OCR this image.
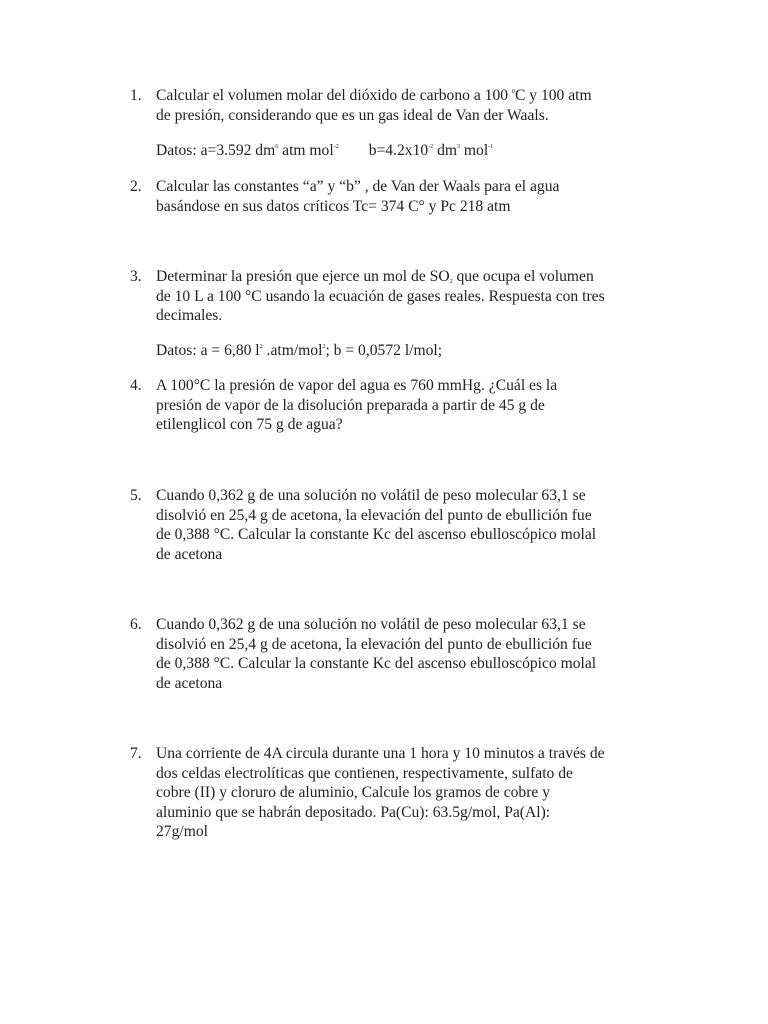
1. Calcular el volumen molar del dióxido de carbono a 100 $^0$C y 100 atm
de presión, considerando que es un gas ideal de Van der Waals.
Datos: a=3.592 $dm^6$ atm mol$^{-2}$ $b=4.2x10^{-2}$ $dm^3$ mol$^{-1}$
2. Calcular las constantes “a” y “b” , de Van der Waals para el agua
basándose en sus datos críticos Tc= 374 C° y Pc 218 atm
3. Determinar la presión que ejerce un mol de $SO_2$ que ocupa el volumen
de 10 L a 100 °C usando la ecuación de gases reales. Respuesta con tres
decimales.
Datos: a = 6,80 $l^2$ .atm/mol$^2$; b = 0,0572 l/mol;
4. A 100°C la presión de vapor del agua es 760 mmHg. ¿Cuál es la
presión de vapor de la disolución preparada a partir de 45 g de
etilenglicol con 75 g de agua?
5. Cuando 0,362 g de una solución no volátil de peso molecular 63,1 se
disolvió en 25,4 g de acetona, la elevación del punto de ebullición fue
de 0,388 °C. Calcular la constante Kc del ascenso ebulloscópico molal
de acetona
6. Cuando 0,362 g de una solución no volátil de peso molecular 63,1 se
disolvió en 25,4 g de acetona, la elevación del punto de ebullición fue
de 0,388 °C. Calcular la constante Kc del ascenso ebulloscópico molal
de acetona
7. Una corriente de 4A circula durante una 1 hora y 10 minutos a través de
dos celdas electrolíticas que contienen, respectivamente, sulfato de
cobre (II) y cloruro de aluminio, Calcule los gramos de cobre y
aluminio que se habrán depositado. Pa(Cu): 63.5g/mol, Pa(Al):
27g/mol
